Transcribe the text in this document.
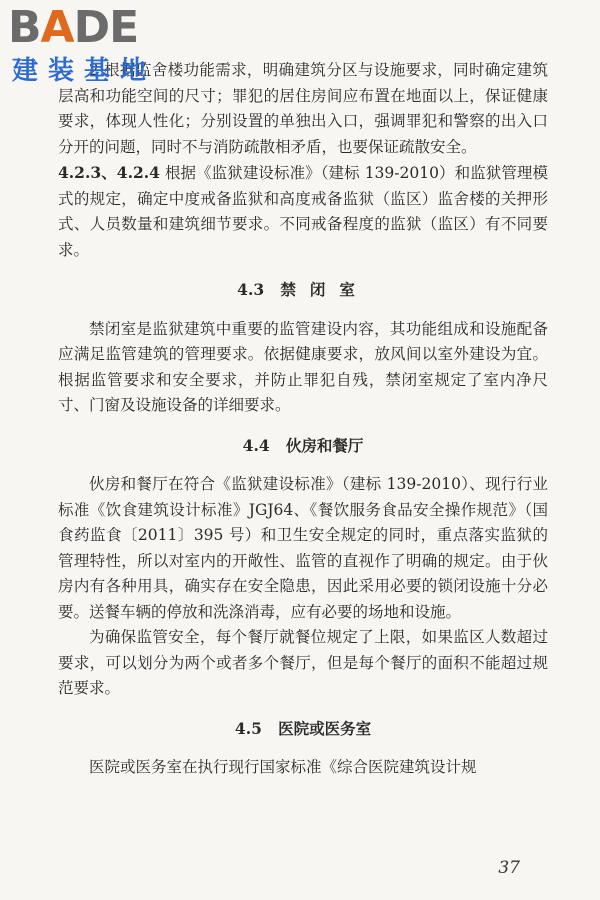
BADE
建装基地

2 根据监舍楼功能需求，明确建筑分区与设施要求，同时确定建筑层高和功能空间的尺寸；罪犯的居住房间应布置在地面以上，保证健康要求，体现人性化；分别设置的单独出入口，强调罪犯和警察的出入口分开的问题，同时不与消防疏散相矛盾，也要保证疏散安全。

4.2.3、4.2.4 根据《监狱建设标准》（建标 139-2010）和监狱管理模式的规定，确定中度戒备监狱和高度戒备监狱（监区）监舍楼的关押形式、人员数量和建筑细节要求。不同戒备程度的监狱（监区）有不同要求。

4.3 禁闭室

禁闭室是监狱建筑中重要的监管建设内容，其功能组成和设施配备应满足监管建筑的管理要求。依据健康要求，放风间以室外建设为宜。根据监管要求和安全要求，并防止罪犯自残，禁闭室规定了室内净尺寸、门窗及设施设备的详细要求。

4.4 伙房和餐厅

伙房和餐厅在符合《监狱建设标准》（建标 139-2010）、现行行业标准《饮食建筑设计标准》JGJ64、《餐饮服务食品安全操作规范》（国食药监食〔2011〕395 号）和卫生安全规定的同时，重点落实监狱的管理特性，所以对室内的开敞性、监管的直视作了明确的规定。由于伙房内有各种用具，确实存在安全隐患，因此采用必要的锁闭设施十分必要。送餐车辆的停放和洗涤消毒，应有必要的场地和设施。

为确保监管安全，每个餐厅就餐位规定了上限，如果监区人数超过要求，可以划分为两个或者多个餐厅，但是每个餐厅的面积不能超过规范要求。

4.5 医院或医务室

医院或医务室在执行现行国家标准《综合医院建筑设计规

37
